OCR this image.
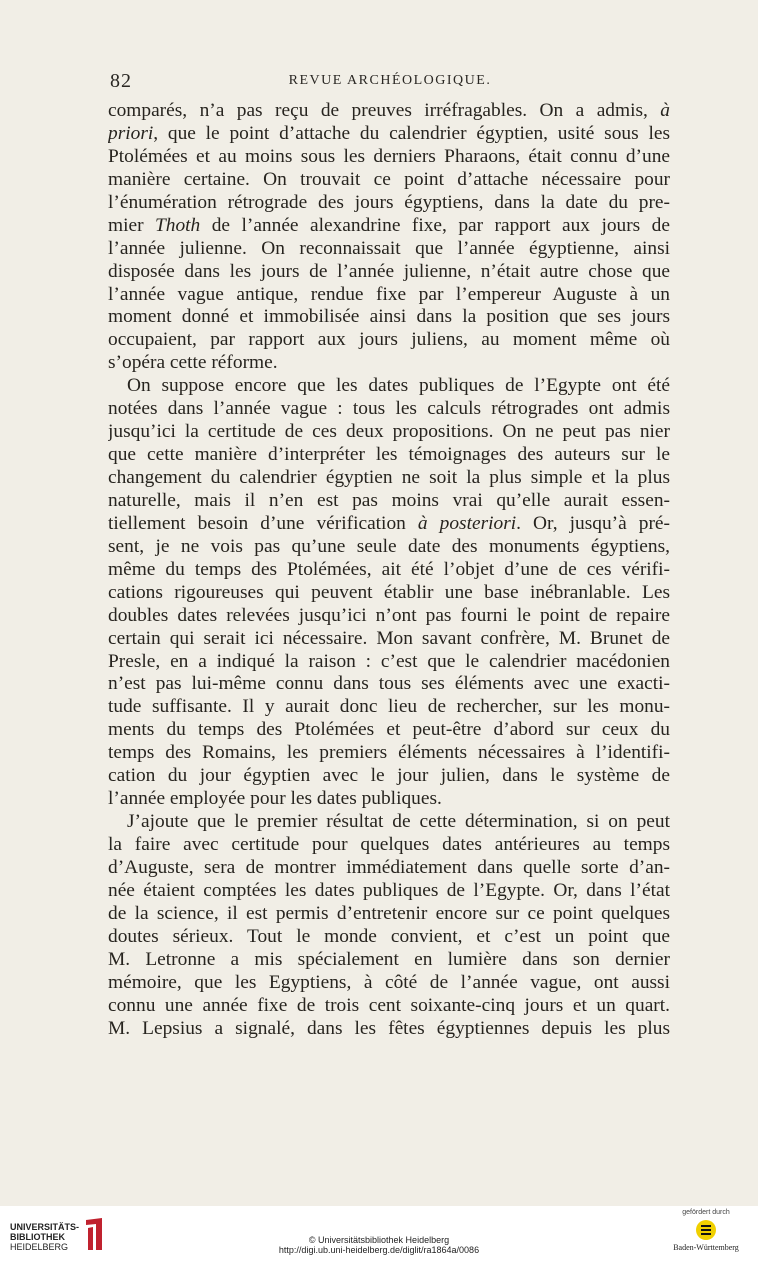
82	REVUE ARCHÉOLOGIQUE.
comparés, n’a pas reçu de preuves irréfragables. On a admis, à
priori, que le point d’attache du calendrier égyptien, usité sous les
Ptolémées et au moins sous les derniers Pharaons, était connu d’une
manière certaine. On trouvait ce point d’attache nécessaire pour
l’énumération rétrograde des jours égyptiens, dans la date du pre-
mier Thoth de l’année alexandrine fixe, par rapport aux jours de
l’année julienne. On reconnaissait que l’année égyptienne, ainsi
disposée dans les jours de l’année julienne, n’était autre chose que
l’année vague antique, rendue fixe par l’empereur Auguste à un
moment donné et immobilisée ainsi dans la position que ses jours
occupaient, par rapport aux jours juliens, au moment même où
s’opéra cette réforme.
On suppose encore que les dates publiques de l’Egypte ont été
notées dans l’année vague : tous les calculs rétrogrades ont admis
jusqu’ici la certitude de ces deux propositions. On ne peut pas nier
que cette manière d’interpréter les témoignages des auteurs sur le
changement du calendrier égyptien ne soit la plus simple et la plus
naturelle, mais il n’en est pas moins vrai qu’elle aurait essen-
tiellement besoin d’une vérification à posteriori. Or, jusqu’à pré-
sent, je ne vois pas qu’une seule date des monuments égyptiens,
même du temps des Ptolémées, ait été l’objet d’une de ces vérifi-
cations rigoureuses qui peuvent établir une base inébranlable. Les
doubles dates relevées jusqu’ici n’ont pas fourni le point de repaire
certain qui serait ici nécessaire. Mon savant confrère, M. Brunet de
Presle, en a indiqué la raison : c’est que le calendrier macédonien
n’est pas lui-même connu dans tous ses éléments avec une exacti-
tude suffisante. Il y aurait donc lieu de rechercher, sur les monu-
ments du temps des Ptolémées et peut-être d’abord sur ceux du
temps des Romains, les premiers éléments nécessaires à l’identifi-
cation du jour égyptien avec le jour julien, dans le système de
l’année employée pour les dates publiques.
J’ajoute que le premier résultat de cette détermination, si on peut
la faire avec certitude pour quelques dates antérieures au temps
d’Auguste, sera de montrer immédiatement dans quelle sorte d’an-
née étaient comptées les dates publiques de l’Egypte. Or, dans l’état
de la science, il est permis d’entretenir encore sur ce point quelques
doutes sérieux. Tout le monde convient, et c’est un point que
M. Letronne a mis spécialement en lumière dans son dernier
mémoire, que les Egyptiens, à côté de l’année vague, ont aussi
connu une année fixe de trois cent soixante-cinq jours et un quart.
M. Lepsius a signalé, dans les fêtes égyptiennes depuis les plus
UNIVERSITÄTS-
BIBLIOTHEK
HEIDELBERG
© Universitätsbibliothek Heidelberg
http://digi.ub.uni-heidelberg.de/diglit/ra1864a/0086
gefördert durch
Baden-Württemberg
